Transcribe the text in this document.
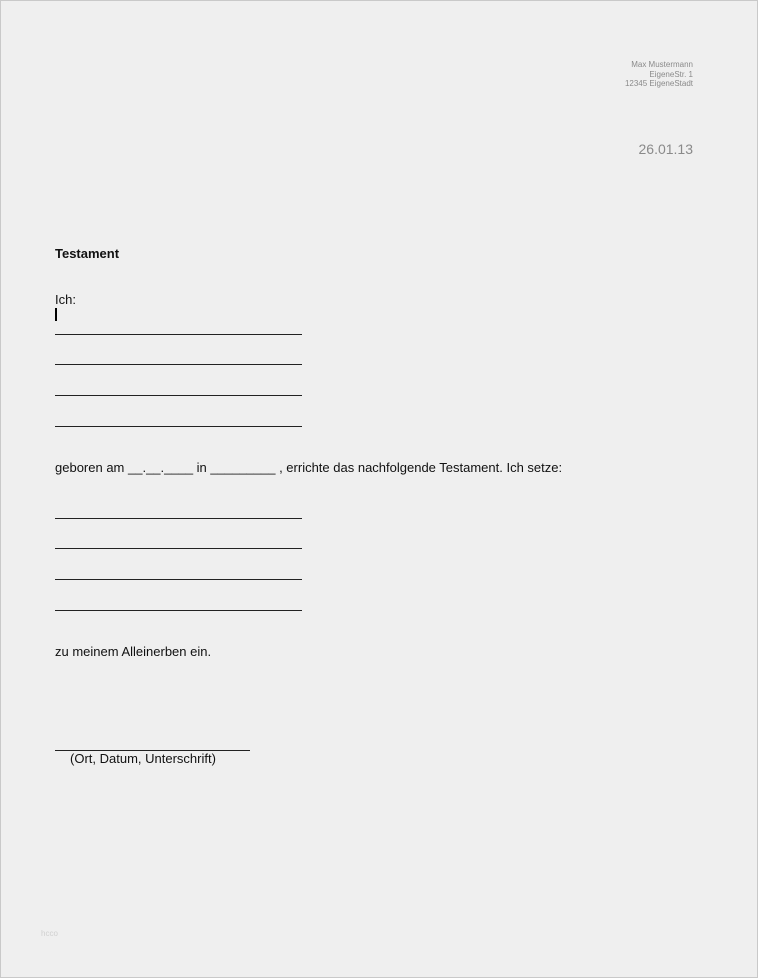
Max Mustermann
EigeneStr. 1
12345 EigeneStadt
26.01.13
Testament
Ich:
geboren am __.__.____ in _________ , errichte das nachfolgende Testament. Ich setze:
zu meinem Alleinerben ein.
(Ort, Datum, Unterschrift)
hcco
